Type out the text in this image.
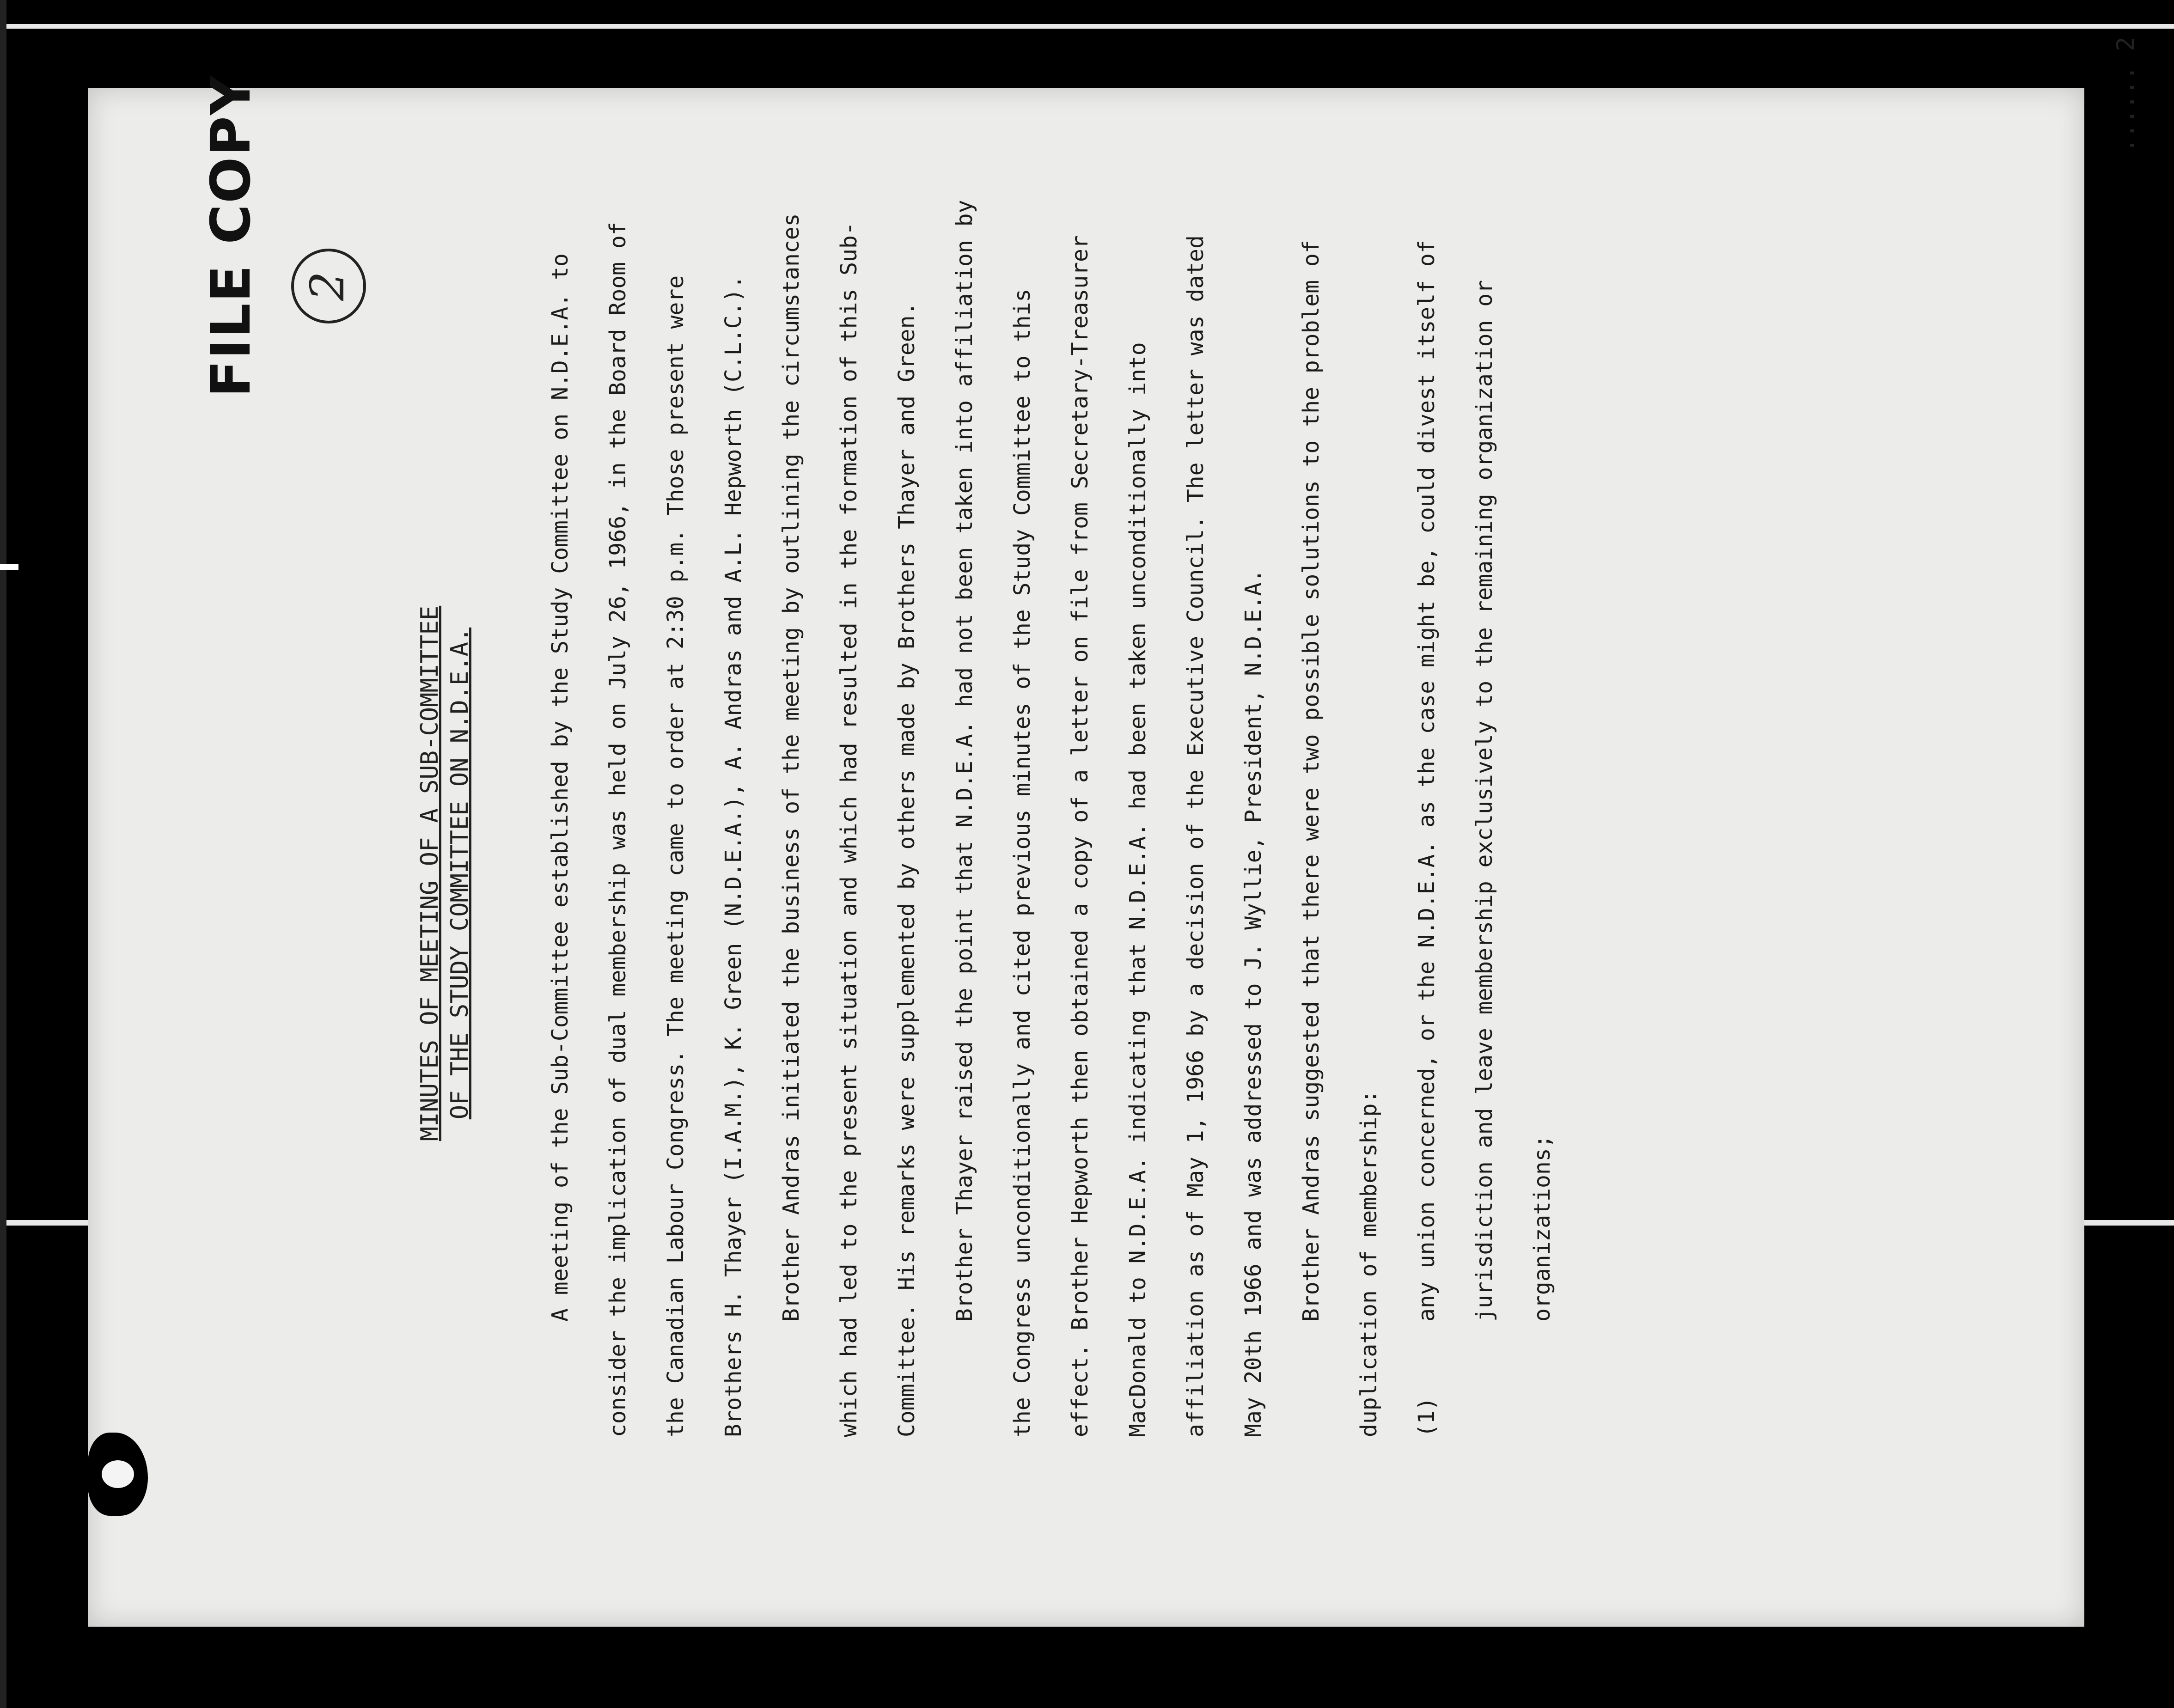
FILE COPY 2
MINUTES OF MEETING OF A SUB-COMMITTEE OF THE STUDY COMMITTEE ON N.D.E.A.	A meeting of the Sub-Committee established by the Study Committee on N.D.E.A. to consider the implication of dual membership was held on July 26, 1966, in the Board Room of the Canadian Labour Congress. The meeting came to order at 2:30 p.m. Those present were Brothers H. Thayer (I.A.M.), K. Green (N.D.E.A.), A. Andras and A.L. Hepworth (C.L.C.).	Brother Andras initiated the business of the meeting by outlining the circumstances which had led to the present situation and which had resulted in the formation of this Sub-Committee. His remarks were supplemented by others made by Brothers Thayer and Green.	Brother Thayer raised the point that N.D.E.A. had not been taken into affiliation by the Congress unconditionally and cited previous minutes of the Study Committee to this effect. Brother Hepworth then obtained a copy of a letter on file from Secretary-Treasurer MacDonald to N.D.E.A. indicating that N.D.E.A. had been taken unconditionally into affiliation as of May 1, 1966 by a decision of the Executive Council. The letter was dated May 20th 1966 and was addressed to J. Wyllie, President, N.D.E.A.	Brother Andras suggested that there were two possible solutions to the problem of duplication of membership:	(1)any union concerned, or the N.D.E.A. as the case might be, could divest itself of jurisdiction and leave membership exclusively to the remaining organization or organizations;

...... 2
